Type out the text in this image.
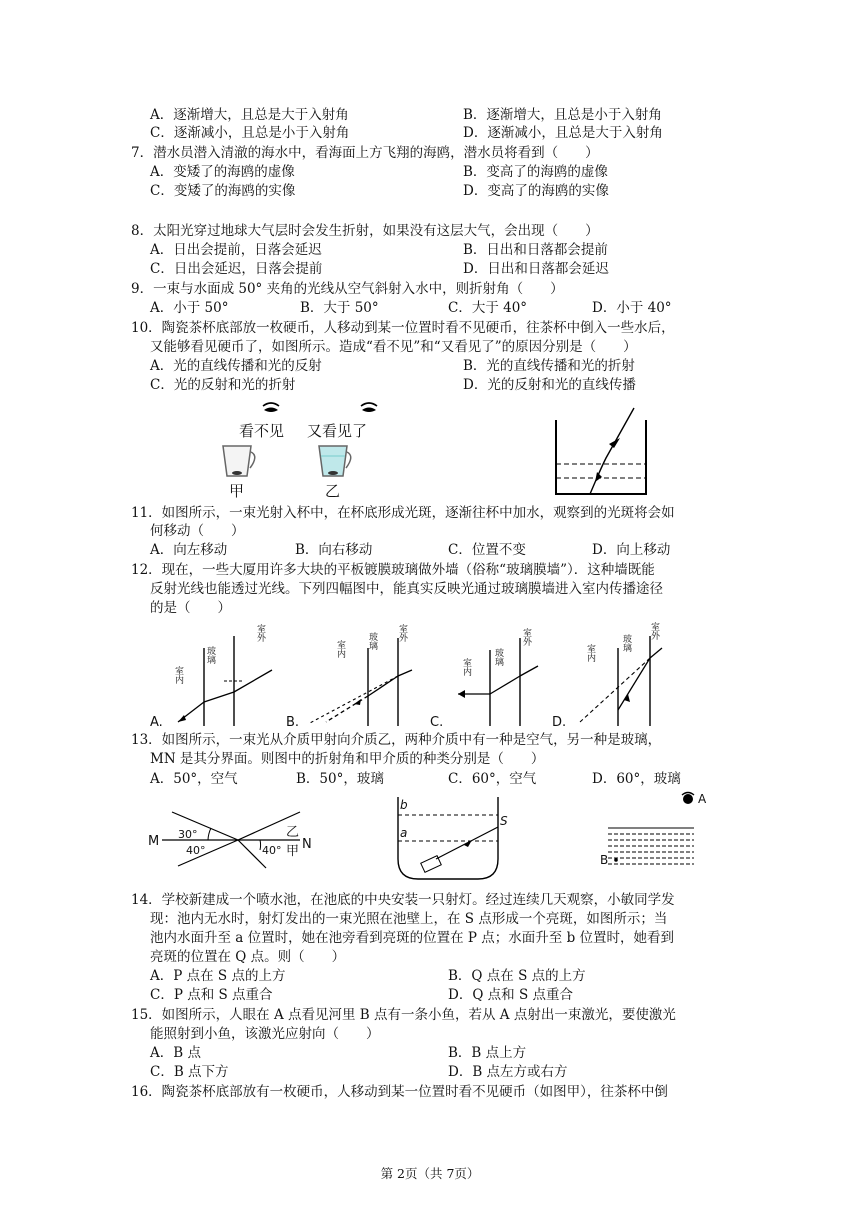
A．逐渐增大，且总是大于入射角	B．逐渐增大，且总是小于入射角
C．逐渐减小，且总是小于入射角	D．逐渐减小，且总是大于入射角
7．潜水员潜入清澈的海水中，看海面上方飞翔的海鸥，潜水员将看到（　　）
A．变矮了的海鸥的虚像	B．变高了的海鸥的虚像
C．变矮了的海鸥的实像	D．变高了的海鸥的实像
8．太阳光穿过地球大气层时会发生折射，如果没有这层大气，会出现（　　）
A．日出会提前，日落会延迟	B．日出和日落都会提前
C．日出会延迟，日落会提前	D．日出和日落都会延迟
9．一束与水面成 50° 夹角的光线从空气斜射入水中，则折射角（　　）
A．小于 50°	B．大于 50°	C．大于 40°	D．小于 40°
10．陶瓷茶杯底部放一枚硬币，人移动到某一位置时看不见硬币，往茶杯中倒入一些水后，
又能够看见硬币了，如图所示。造成“看不见”和“又看见了”的原因分别是（　　）
A．光的直线传播和光的反射	B．光的直线传播和光的折射
C．光的反射和光的折射	D．光的反射和光的直线传播
看不见 又看见了
甲	乙
11．如图所示，一束光射入杯中，在杯底形成光斑，逐渐往杯中加水，观察到的光斑将会如
何移动（　　）
A．向左移动	B．向右移动	C．位置不变	D．向上移动
12．现在，一些大厦用许多大块的平板镀膜玻璃做外墙（俗称“玻璃膜墙”）．这种墙既能
反射光线也能透过光线。下列四幅图中，能真实反映光通过玻璃膜墙进入室内传播途径
的是（　　）
室内
玻璃
室外
A.
室内 玻璃 室外
B.
室内
玻璃
室外
C.
室内
玻璃
室外
D.
13．如图所示，一束光从介质甲射向介质乙，两种介质中有一种是空气，另一种是玻璃，
MN 是其分界面。则图中的折射角和甲介质的种类分别是（　　）
A．50°，空气	B．50°，玻璃	C．60°，空气	D．60°，玻璃
M	N
30°
40°	40°
乙
甲
b
a
S
A
B
14．学校新建成一个喷水池，在池底的中央安装一只射灯。经过连续几天观察，小敏同学发
现：池内无水时，射灯发出的一束光照在池壁上，在 S 点形成一个亮斑，如图所示；当
池内水面升至 a 位置时，她在池旁看到亮斑的位置在 P 点；水面升至 b 位置时，她看到
亮斑的位置在 Q 点。则（　　）
A．P 点在 S 点的上方	B．Q 点在 S 点的上方
C．P 点和 S 点重合	D．Q 点和 S 点重合
15．如图所示，人眼在 A 点看见河里 B 点有一条小鱼，若从 A 点射出一束激光，要使激光
能照射到小鱼，该激光应射向（　　）
A．B 点	B．B 点上方
C．B 点下方	D．B 点左方或右方
16．陶瓷茶杯底部放有一枚硬币，人移动到某一位置时看不见硬币（如图甲），往茶杯中倒
第 2页（共 7页）
